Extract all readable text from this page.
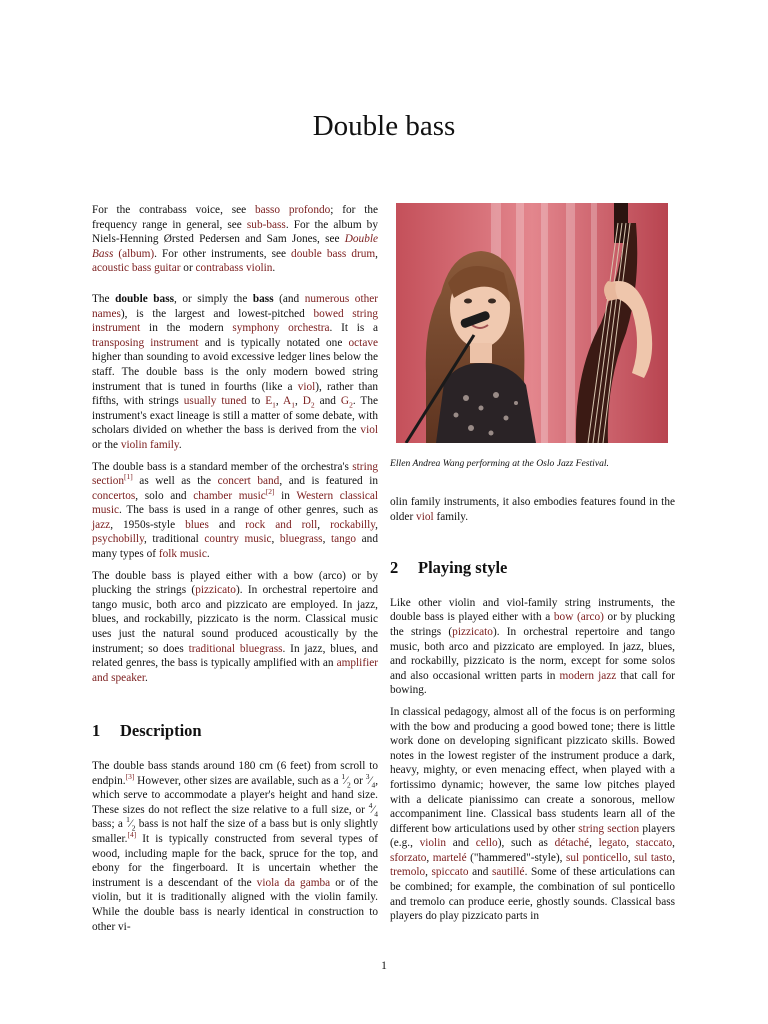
Double bass

For the contrabass voice, see basso profondo; for the frequency range in general, see sub-bass. For the album by Niels-Henning Ørsted Pedersen and Sam Jones, see Double Bass (album). For other instruments, see double bass drum, acoustic bass guitar or contrabass violin.

The double bass, or simply the bass (and numerous other names), is the largest and lowest-pitched bowed string instrument in the modern symphony orchestra. It is a transposing instrument and is typically notated one octave higher than sounding to avoid excessive ledger lines below the staff. The double bass is the only modern bowed string instrument that is tuned in fourths (like a viol), rather than fifths, with strings usually tuned to $E_1$, $A_1$, $D_2$ and $G_2$. The instrument's exact lineage is still a matter of some debate, with scholars divided on whether the bass is derived from the viol or the violin family.

The double bass is a standard member of the orchestra's string section[1] as well as the concert band, and is featured in concertos, solo and chamber music[2] in Western classical music. The bass is used in a range of other genres, such as jazz, 1950s-style blues and rock and roll, rockabilly, psychobilly, traditional country music, bluegrass, tango and many types of folk music.

The double bass is played either with a bow (arco) or by plucking the strings (pizzicato). In orchestral repertoire and tango music, both arco and pizzicato are employed. In jazz, blues, and rockabilly, pizzicato is the norm. Classical music uses just the natural sound produced acoustically by the instrument; so does traditional bluegrass. In jazz, blues, and related genres, the bass is typically amplified with an amplifier and speaker.

1 Description

The double bass stands around 180 cm (6 feet) from scroll to endpin.[3] However, other sizes are available, such as a $^1⁄_2$ or $^3⁄_4$, which serve to accommodate a player's height and hand size. These sizes do not reflect the size relative to a full size, or $^4⁄_4$ bass; a $^1⁄_2$ bass is not half the size of a bass but is only slightly smaller.[4] It is typically constructed from several types of wood, including maple for the back, spruce for the top, and ebony for the fingerboard. It is uncertain whether the instrument is a descendant of the viola da gamba or of the violin, but it is traditionally aligned with the violin family. While the double bass is nearly identical in construction to other vi-

Ellen Andrea Wang performing at the Oslo Jazz Festival.

olin family instruments, it also embodies features found in the older viol family.

2 Playing style

Like other violin and viol-family string instruments, the double bass is played either with a bow (arco) or by plucking the strings (pizzicato). In orchestral repertoire and tango music, both arco and pizzicato are employed. In jazz, blues, and rockabilly, pizzicato is the norm, except for some solos and also occasional written parts in modern jazz that call for bowing.

In classical pedagogy, almost all of the focus is on performing with the bow and producing a good bowed tone; there is little work done on developing significant pizzicato skills. Bowed notes in the lowest register of the instrument produce a dark, heavy, mighty, or even menacing effect, when played with a fortissimo dynamic; however, the same low pitches played with a delicate pianissimo can create a sonorous, mellow accompaniment line. Classical bass students learn all of the different bow articulations used by other string section players (e.g., violin and cello), such as détaché, legato, staccato, sforzato, martelé ("hammered"-style), sul ponticello, sul tasto, tremolo, spiccato and sautillé. Some of these articulations can be combined; for example, the combination of sul ponticello and tremolo can produce eerie, ghostly sounds. Classical bass players do play pizzicato parts in

1
